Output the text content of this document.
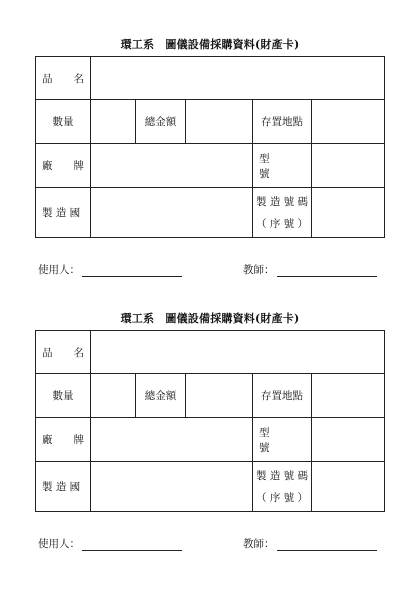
環工系　圖儀設備採購資料(財產卡)
品　　名					
數量		總金額		存置地點	
廠　　牌				型　　　號	
製 造 國				製 造 號 碼
（ 序 號 ）	

使用人：	教師：
環工系　圖儀設備採購資料(財產卡)
品　　名					
數量		總金額		存置地點	
廠　　牌				型　　　號	
製 造 國				製 造 號 碼
（ 序 號 ）	

使用人：	教師：
